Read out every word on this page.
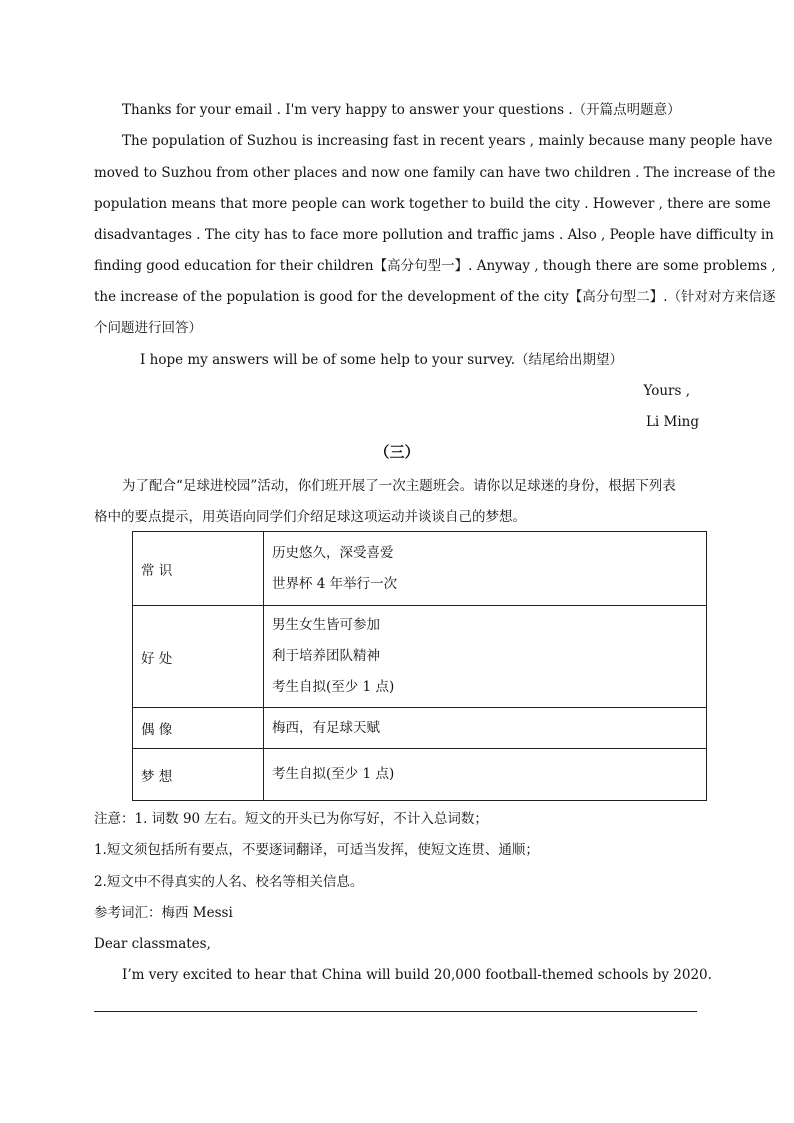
Thanks for your email . I'm very happy to answer your questions .（开篇点明题意）
The population of Suzhou is increasing fast in recent years , mainly because many people have
moved to Suzhou from other places and now one family can have two children . The increase of the
population means that more people can work together to build the city . However , there are some
disadvantages . The city has to face more pollution and traffic jams . Also , People have difficulty in
finding good education for their children【高分句型一】. Anyway , though there are some problems ,
the increase of the population is good for the development of the city【高分句型二】.（针对对方来信逐
个问题进行回答）
I hope my answers will be of some help to your survey.（结尾给出期望）
Yours ,
Li Ming
（三）
为了配合“足球进校园”活动，你们班开展了一次主题班会。请你以足球迷的身份，根据下列表
格中的要点提示，用英语向同学们介绍足球这项运动并谈谈自己的梦想。
常 识	历史悠久，深受喜爱
世界杯 4 年举行一次

好 处	男生女生皆可参加
利于培养团队精神
考生自拟(至少 1 点)

偶 像	梅西，有足球天赋

梦 想	考生自拟(至少 1 点)
注意：1. 词数 90 左右。短文的开头已为你写好，不计入总词数；
1.短文须包括所有要点，不要逐词翻译，可适当发挥，使短文连贯、通顺；
2.短文中不得真实的人名、校名等相关信息。
参考词汇：梅西 Messi
Dear classmates,
I’m very excited to hear that China will build 20,000 football-themed schools by 2020.
